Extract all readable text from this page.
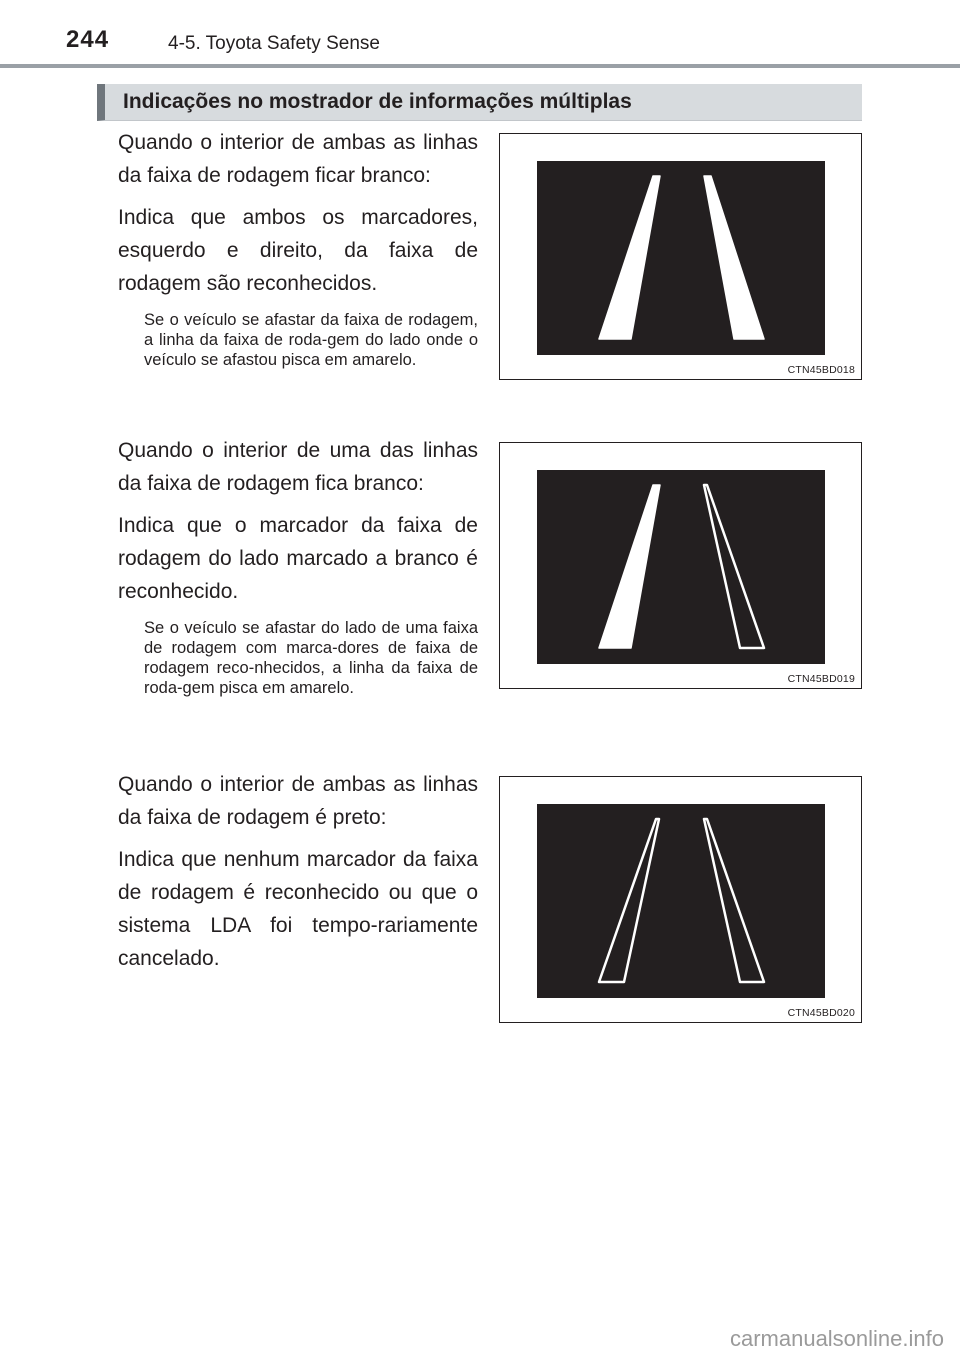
244	4-5. Toyota Safety Sense
Indicações no mostrador de informações múltiplas

Quando o interior de ambas as linhas da faixa de rodagem ficar branco:

Indica que ambos os marcadores, esquerdo e direito, da faixa de rodagem são reconhecidos.

Se o veículo se afastar da faixa de rodagem, a linha da faixa de roda-gem do lado onde o veículo se afastou pisca em amarelo.

CTN45BD018

Quando o interior de uma das linhas da faixa de rodagem fica branco:

Indica que o marcador da faixa de rodagem do lado marcado a branco é reconhecido.

Se o veículo se afastar do lado de uma faixa de rodagem com marca-dores de faixa de rodagem reco-nhecidos, a linha da faixa de roda-gem pisca em amarelo.	CTN45BD019

Quando o interior de ambas as linhas da faixa de rodagem é preto:

Indica que nenhum marcador da faixa de rodagem é reconhecido ou que o sistema LDA foi tempo-rariamente cancelado.

CTN45BD020
carmanualsonline.info
